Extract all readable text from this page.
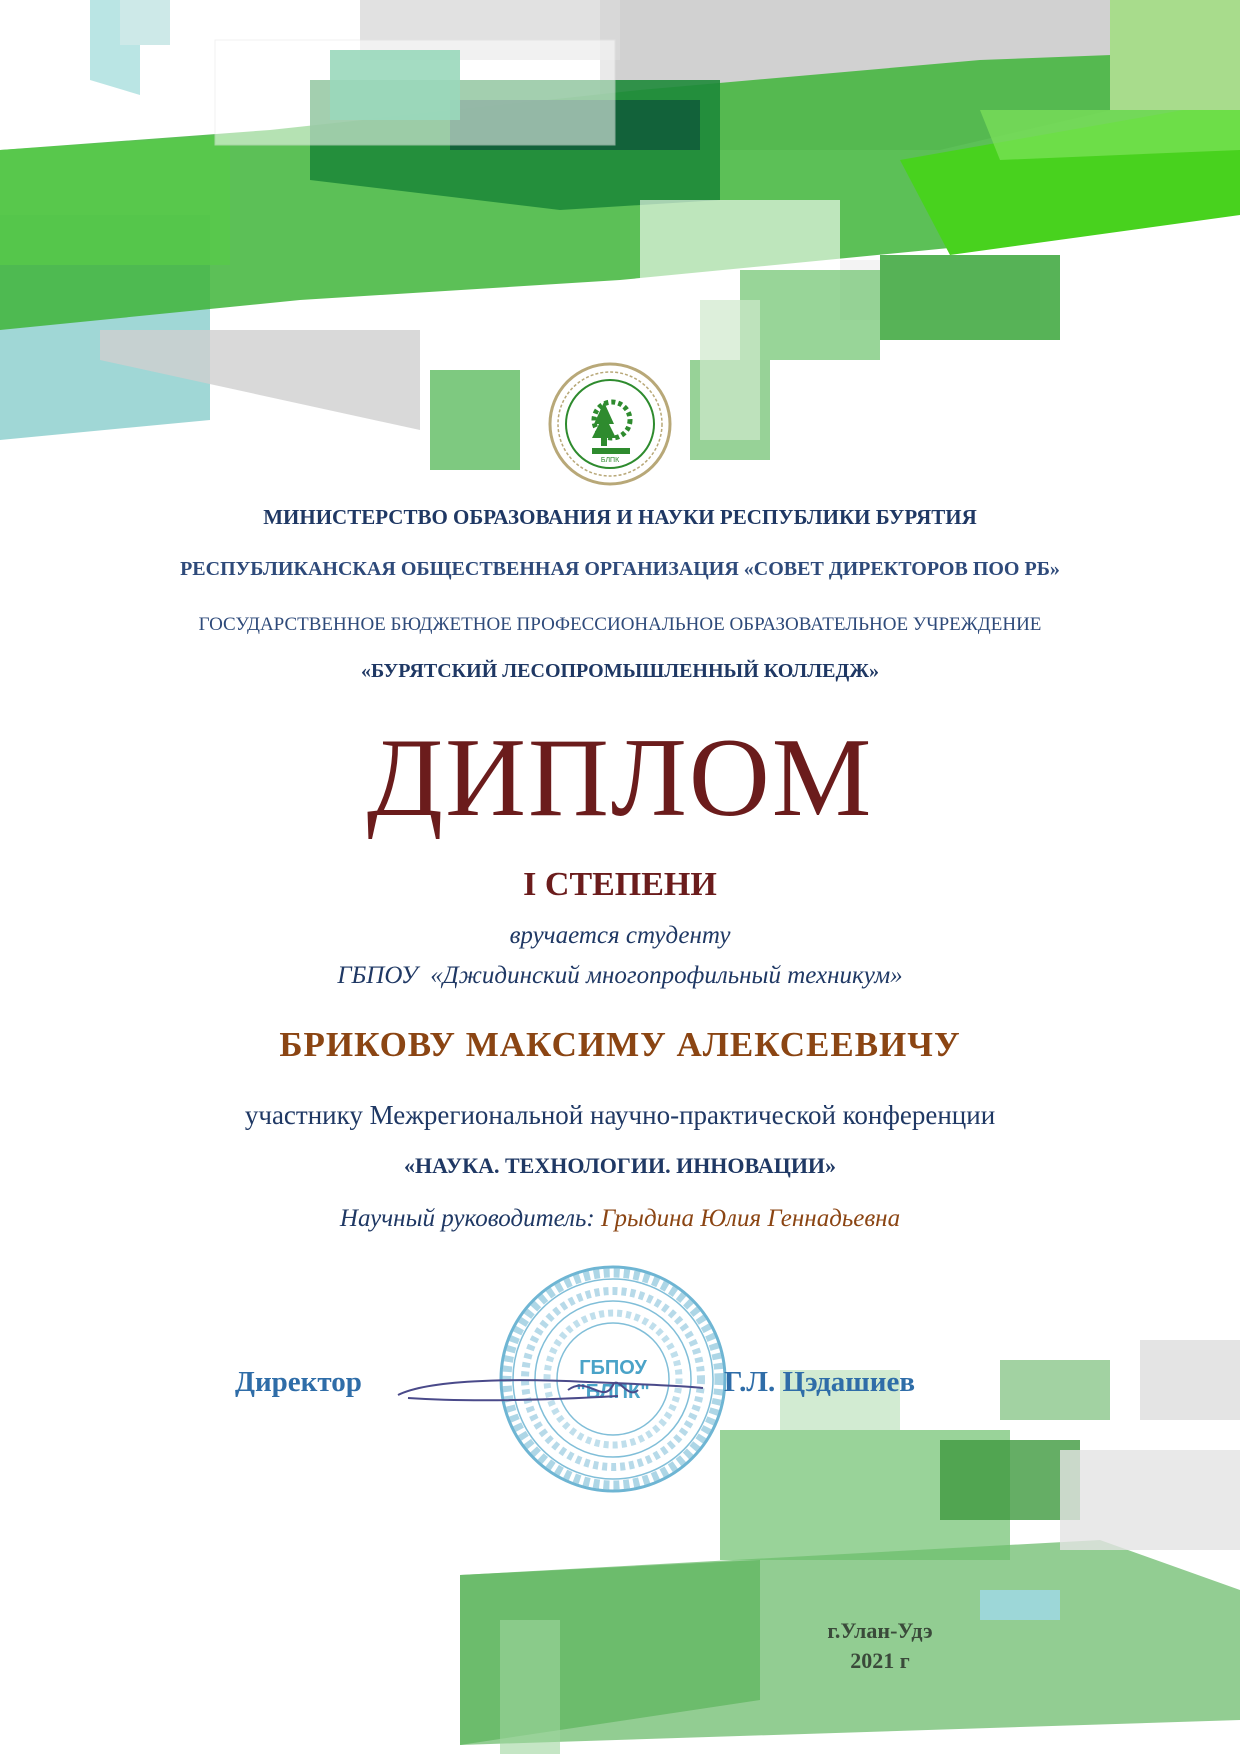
БЛПК
МИНИСТЕРСТВО ОБРАЗОВАНИЯ И НАУКИ РЕСПУБЛИКИ БУРЯТИЯ
РЕСПУБЛИКАНСКАЯ ОБЩЕСТВЕННАЯ ОРГАНИЗАЦИЯ «СОВЕТ ДИРЕКТОРОВ ПОО РБ»
ГОСУДАРСТВЕННОЕ БЮДЖЕТНОЕ ПРОФЕССИОНАЛЬНОЕ ОБРАЗОВАТЕЛЬНОЕ УЧРЕЖДЕНИЕ
«БУРЯТСКИЙ ЛЕСОПРОМЫШЛЕННЫЙ КОЛЛЕДЖ»
ДИПЛОМ
I СТЕПЕНИ
вручается студенту
ГБПОУ  «Джидинский многопрофильный техникум»
БРИКОВУ МАКСИМУ АЛЕКСЕЕВИЧУ
участнику Межрегиональной научно-практической конференции
«НАУКА. ТЕХНОЛОГИИ. ИННОВАЦИИ»
Научный руководитель: Грыдина Юлия Геннадьевна
ГБПОУ
"БЛПК"
Директор	Г.Л. Цэдашиев
г.Улан-Удэ
2021 г
